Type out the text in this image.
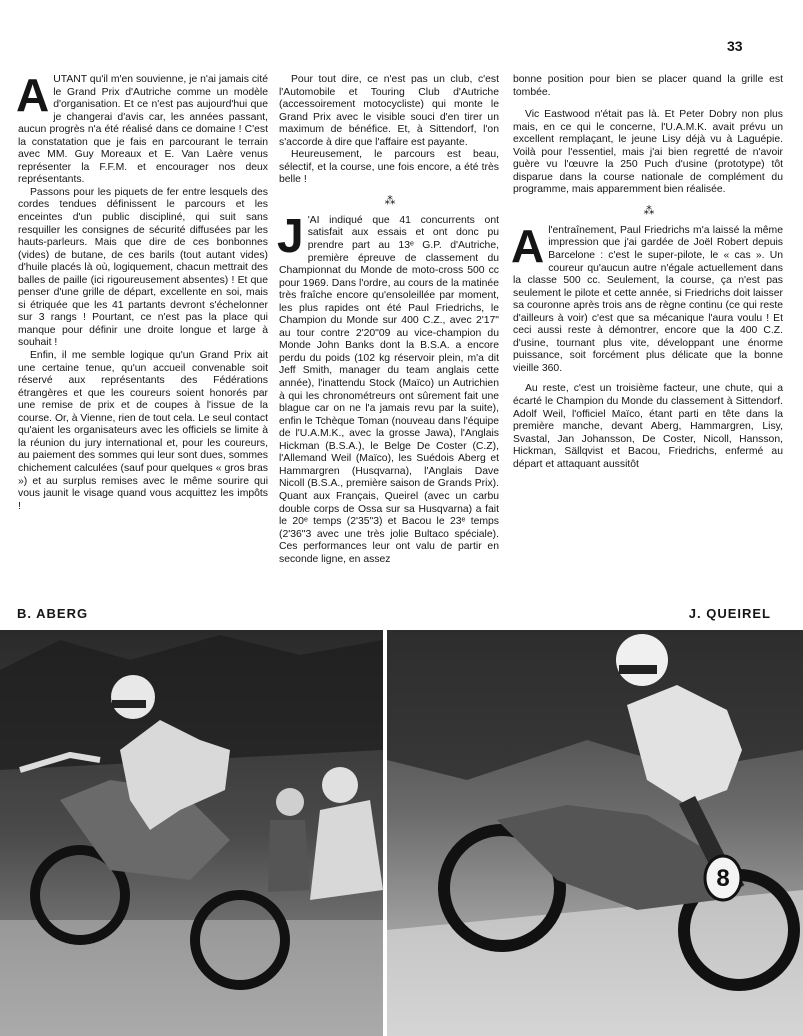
33
A UTANT qu'il m'en souvienne, je n'ai jamais cité le Grand Prix d'Autriche comme un modèle d'organisation. Et ce n'est pas aujourd'hui que je changerai d'avis car, les années passant, aucun progrès n'a été réalisé dans ce domaine ! C'est la constatation que je fais en parcourant le terrain avec MM. Guy Moreaux et E. Van Laère venus représenter la F.F.M. et encourager nos deux représentants.

Passons pour les piquets de fer entre lesquels des cordes tendues définissent le parcours et les enceintes d'un public discipliné, qui suit sans resquiller les consignes de sécurité diffusées par les hauts-parleurs. Mais que dire de ces bonbonnes (vides) de butane, de ces barils (tout autant vides) d'huile placés là où, logiquement, chacun mettrait des balles de paille (ici rigoureusement absentes) ! Et que penser d'une grille de départ, excellente en soi, mais si étriquée que les 41 partants devront s'échelonner sur 3 rangs ! Pourtant, ce n'est pas la place qui manque pour définir une droite longue et large à souhait !

Enfin, il me semble logique qu'un Grand Prix ait une certaine tenue, qu'un accueil convenable soit réservé aux représentants des Fédérations étrangères et que les coureurs soient honorés par une remise de prix et de coupes à l'issue de la course. Or, à Vienne, rien de tout cela. Le seul contact qu'aient les organisateurs avec les officiels se limite à la réunion du jury international et, pour les coureurs, au paiement des sommes qui leur sont dues, sommes chichement calculées (sauf pour quelques « gros bras ») et au surplus remises avec le même sourire qui vous jaunit le visage quand vous acquittez les impôts !

Pour tout dire, ce n'est pas un club, c'est l'Automobile et Touring Club d'Autriche (accessoirement motocycliste) qui monte le Grand Prix avec le visible souci d'en tirer un maximum de bénéfice. Et, à Sittendorf, l'on s'accorde à dire que l'affaire est payante.

Heureusement, le parcours est beau, sélectif, et la course, une fois encore, a été très belle !

⁂
J 'AI indiqué que 41 concurrents ont satisfait aux essais et ont donc pu prendre part au 13ᵉ G.P. d'Autriche, première épreuve de classement du Championnat du Monde de moto-cross 500 cc pour 1969. Dans l'ordre, au cours de la matinée très fraîche encore qu'ensoleillée par moment, les plus rapides ont été Paul Friedrichs, le Champion du Monde sur 400 C.Z., avec 2'17" au tour contre 2'20"09 au vice-champion du Monde John Banks dont la B.S.A. a encore perdu du poids (102 kg réservoir plein, m'a dit Jeff Smith, manager du team anglais cette année), l'inattendu Stock (Maïco) un Autrichien à qui les chronométreurs ont sûrement fait une blague car on ne l'a jamais revu par la suite), enfin le Tchèque Toman (nouveau dans l'équipe de l'U.A.M.K., avec la grosse Jawa), l'Anglais Hickman (B.S.A.), le Belge De Coster (C.Z), l'Allemand Weil (Maïco), les Suédois Aberg et Hammargren (Husqvarna), l'Anglais Dave Nicoll (B.S.A., première saison de Grands Prix). Quant aux Français, Queirel (avec un carbu double corps de Ossa sur sa Husqvarna) a fait le 20ᵉ temps (2'35"3) et Bacou le 23ᵉ temps (2'36"3 avec une très jolie Bultaco spéciale). Ces performances leur ont valu de partir en seconde ligne, en assez

bonne position pour bien se placer quand la grille est tombée.

Vic Eastwood n'était pas là. Et Peter Dobry non plus mais, en ce qui le concerne, l'U.A.M.K. avait prévu un excellent remplaçant, le jeune Lisy déjà vu à Laguépie. Voilà pour l'essentiel, mais j'ai bien regretté de n'avoir guère vu l'œuvre la 250 Puch d'usine (prototype) tôt disparue dans la course nationale de complément du programme, mais apparemment bien réalisée.

⁂
A l'entraînement, Paul Friedrichs m'a laissé la même impression que j'ai gardée de Joël Robert depuis Barcelone : c'est le super-pilote, le « cas ». Un coureur qu'aucun autre n'égale actuellement dans la classe 500 cc. Seulement, la course, ça n'est pas seulement le pilote et cette année, si Friedrichs doit laisser sa couronne après trois ans de règne continu (ce qui reste d'ailleurs à voir) c'est que sa mécanique l'aura voulu ! Et ceci aussi reste à démontrer, encore que la 400 C.Z. d'usine, tournant plus vite, développant une énorme puissance, soit forcément plus délicate que la bonne vieille 360.

Au reste, c'est un troisième facteur, une chute, qui a écarté le Champion du Monde du classement à Sittendorf. Adolf Weil, l'officiel Maïco, étant parti en tête dans la première manche, devant Aberg, Hammargren, Lisy, Svastal, Jan Johansson, De Coster, Nicoll, Hansson, Hickman, Sällqvist et Bacou, Friedrichs, enfermé au départ et attaquant aussitôt

B. ABERG	J. QUEIREL
8
